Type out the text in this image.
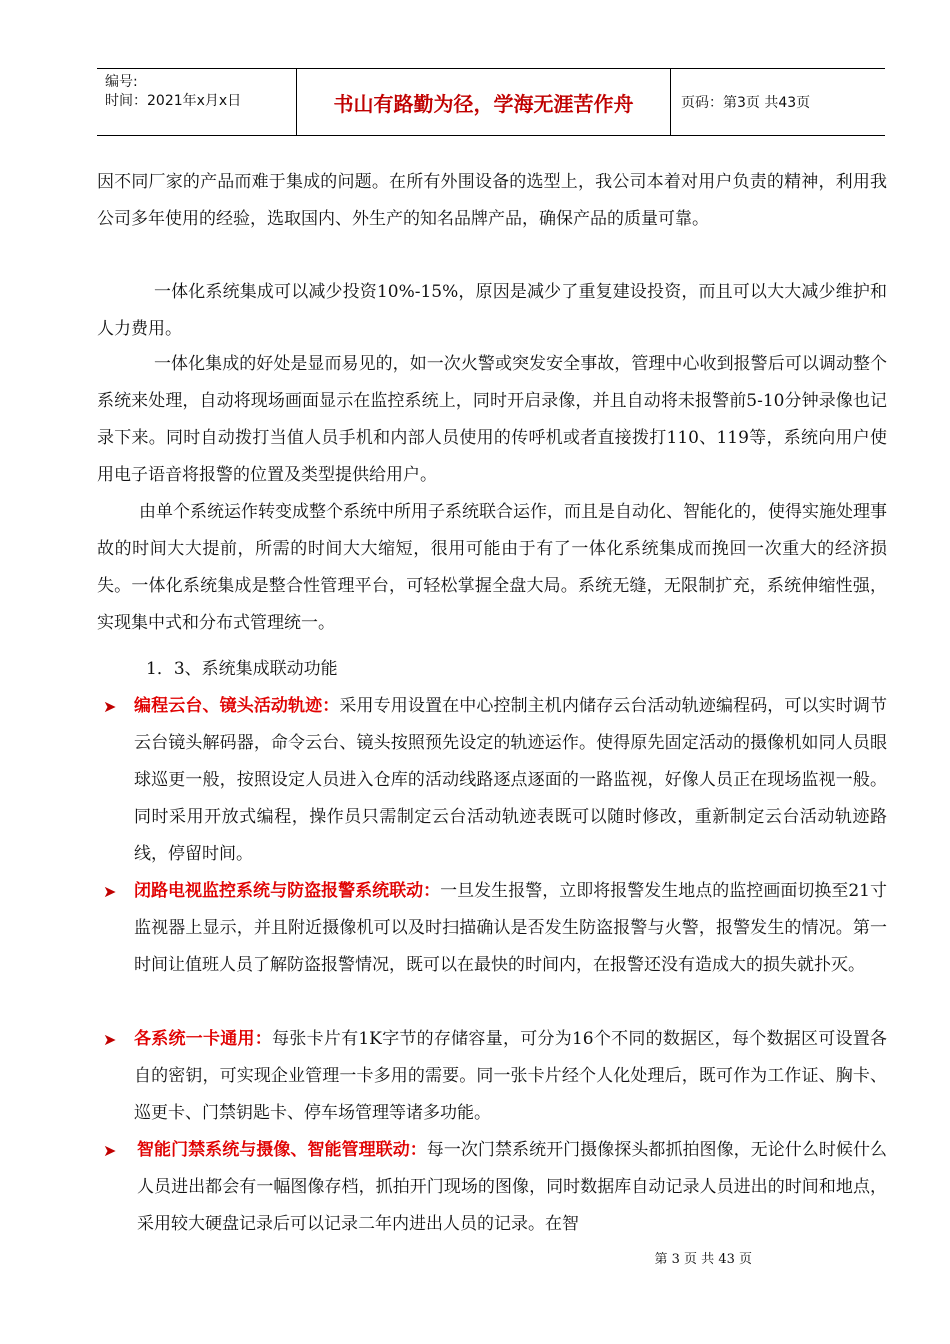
编号:
时间：2021年x月x日	书山有路勤为径，学海无涯苦作舟	页码：第3页 共43页

因不同厂家的产品而难于集成的问题。在所有外围设备的选型上，我公司本着对用户负责的精神，利用我公司多年使用的经验，选取国内、外生产的知名品牌产品，确保产品的质量可靠。

一体化系统集成可以减少投资10%-15%，原因是减少了重复建设投资，而且可以大大减少维护和人力费用。

一体化集成的好处是显而易见的，如一次火警或突发安全事故，管理中心收到报警后可以调动整个系统来处理，自动将现场画面显示在监控系统上，同时开启录像，并且自动将未报警前5-10分钟录像也记录下来。同时自动拨打当值人员手机和内部人员使用的传呼机或者直接拨打110、119等，系统向用户使用电子语音将报警的位置及类型提供给用户。

由单个系统运作转变成整个系统中所用子系统联合运作，而且是自动化、智能化的，使得实施处理事故的时间大大提前，所需的时间大大缩短，很用可能由于有了一体化系统集成而挽回一次重大的经济损失。一体化系统集成是整合性管理平台，可轻松掌握全盘大局。系统无缝，无限制扩充，系统伸缩性强，实现集中式和分布式管理统一。

1．3、系统集成联动功能
➤ 编程云台、镜头活动轨迹：采用专用设置在中心控制主机内储存云台活动轨迹编程码，可以实时调节云台镜头解码器，命令云台、镜头按照预先设定的轨迹运作。使得原先固定活动的摄像机如同人员眼球巡更一般，按照设定人员进入仓库的活动线路逐点逐面的一路监视，好像人员正在现场监视一般。同时采用开放式编程，操作员只需制定云台活动轨迹表既可以随时修改，重新制定云台活动轨迹路线，停留时间。
➤ 闭路电视监控系统与防盗报警系统联动：一旦发生报警，立即将报警发生地点的监控画面切换至21寸监视器上显示，并且附近摄像机可以及时扫描确认是否发生防盗报警与火警，报警发生的情况。第一时间让值班人员了解防盗报警情况，既可以在最快的时间内，在报警还没有造成大的损失就扑灭。
➤ 各系统一卡通用：每张卡片有1K字节的存储容量，可分为16个不同的数据区，每个数据区可设置各自的密钥，可实现企业管理一卡多用的需要。同一张卡片经个人化处理后，既可作为工作证、胸卡、巡更卡、门禁钥匙卡、停车场管理等诸多功能。
➤ 智能门禁系统与摄像、智能管理联动：每一次门禁系统开门摄像探头都抓拍图像，无论什么时候什么人员进出都会有一幅图像存档，抓拍开门现场的图像，同时数据库自动记录人员进出的时间和地点，采用较大硬盘记录后可以记录二年内进出人员的记录。在智
第 3 页 共 43 页
